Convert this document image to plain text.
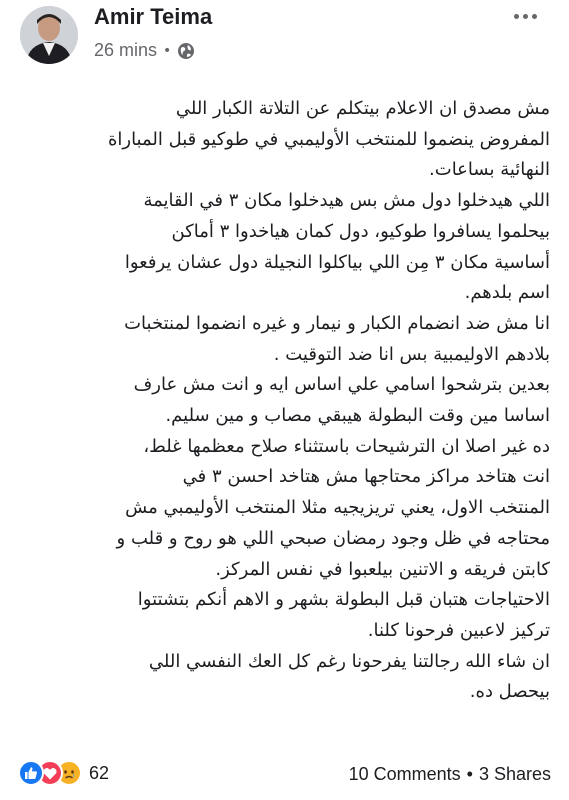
Amir Teima
26 mins •

مش مصدق ان الاعلام بيتكلم عن التلاتة الكبار اللي

المفروض ينضموا للمنتخب الأوليمبي في طوكيو قبل المباراة

النهائية بساعات.

اللي هيدخلوا دول مش بس هيدخلوا مكان ٣ في القايمة

بيحلموا يسافروا طوكيو، دول كمان هياخدوا ٣ أماكن

أساسية مكان ٣ مِن اللي بياكلوا النجيلة دول عشان يرفعوا

اسم بلدهم.

انا مش ضد انضمام الكبار و نيمار و غيره انضموا لمنتخبات

بلادهم الاوليمبية بس انا ضد التوقيت .

بعدين بترشحوا اسامي علي اساس ايه و انت مش عارف

اساسا مين وقت البطولة هيبقي مصاب و مين سليم.

ده غير اصلا ان الترشيحات باستثناء صلاح معظمها غلط،

انت هتاخد مراكز محتاجها مش هتاخد احسن ٣ في

المنتخب الاول، يعني تريزيجيه مثلا المنتخب الأوليمبي مش

محتاجه في ظل وجود رمضان صبحي اللي هو روح و قلب و

كابتن فريقه و الاتنين بيلعبوا في نفس المركز.

الاحتياجات هتبان قبل البطولة بشهر و الاهم أنكم بتشتتوا

تركيز لاعبين فرحونا كلنا.

ان شاء الله رجالتنا يفرحونا رغم كل العك النفسي اللي

بيحصل ده.

62	10 Comments • 3 Shares
